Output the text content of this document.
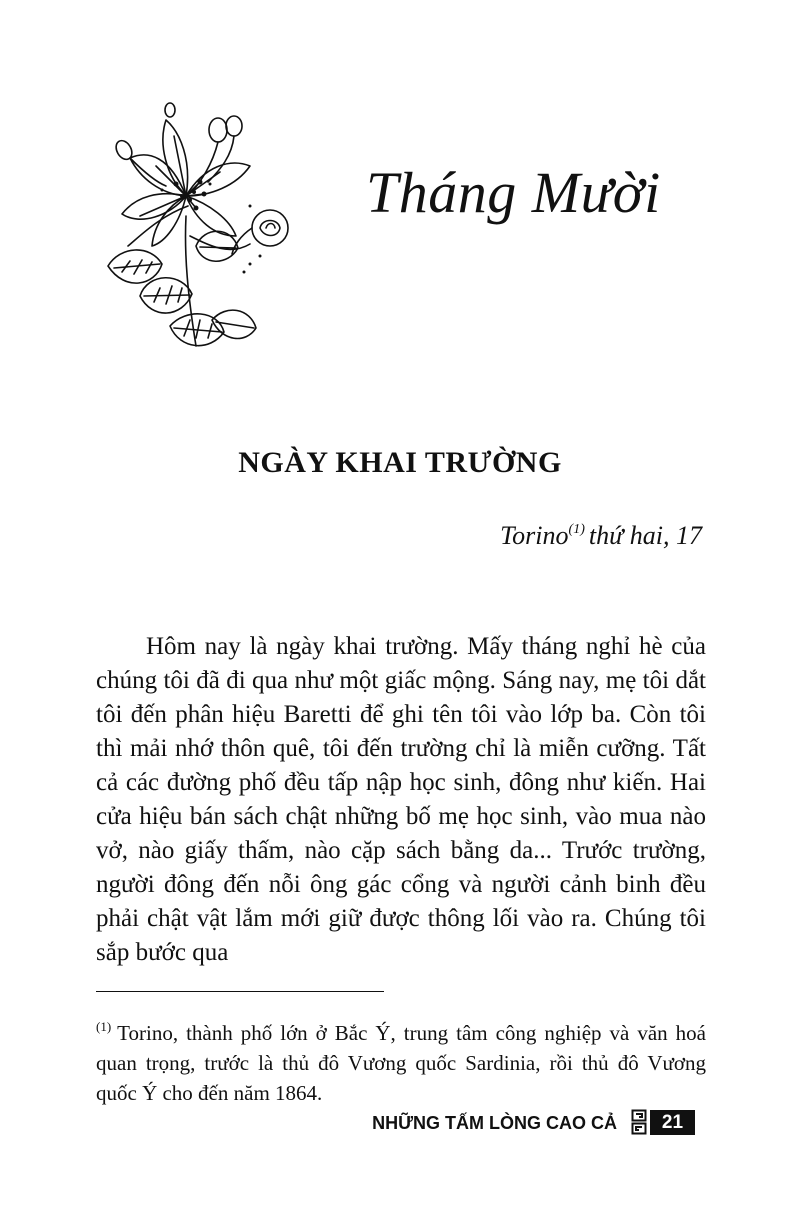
Tháng Mười
NGÀY KHAI TRƯỜNG
Torino$^{(1)}$ thứ hai, 17

Hôm nay là ngày khai trường. Mấy tháng nghỉ hè của chúng tôi đã đi qua như một giấc mộng. Sáng nay, mẹ tôi dắt tôi đến phân hiệu Baretti để ghi tên tôi vào lớp ba. Còn tôi thì mải nhớ thôn quê, tôi đến trường chỉ là miễn cưỡng. Tất cả các đường phố đều tấp nập học sinh, đông như kiến. Hai cửa hiệu bán sách chật những bố mẹ học sinh, vào mua nào vở, nào giấy thấm, nào cặp sách bằng da... Trước trường, người đông đến nỗi ông gác cổng và người cảnh binh đều phải chật vật lắm mới giữ được thông lối vào ra. Chúng tôi sắp bước qua

$^{(1)}$ Torino, thành phố lớn ở Bắc Ý, trung tâm công nghiệp và văn hoá quan trọng, trước là thủ đô Vương quốc Sardinia, rồi thủ đô Vương quốc Ý cho đến năm 1864.

NHỮNG TẤM LÒNG CAO CẢ	21
